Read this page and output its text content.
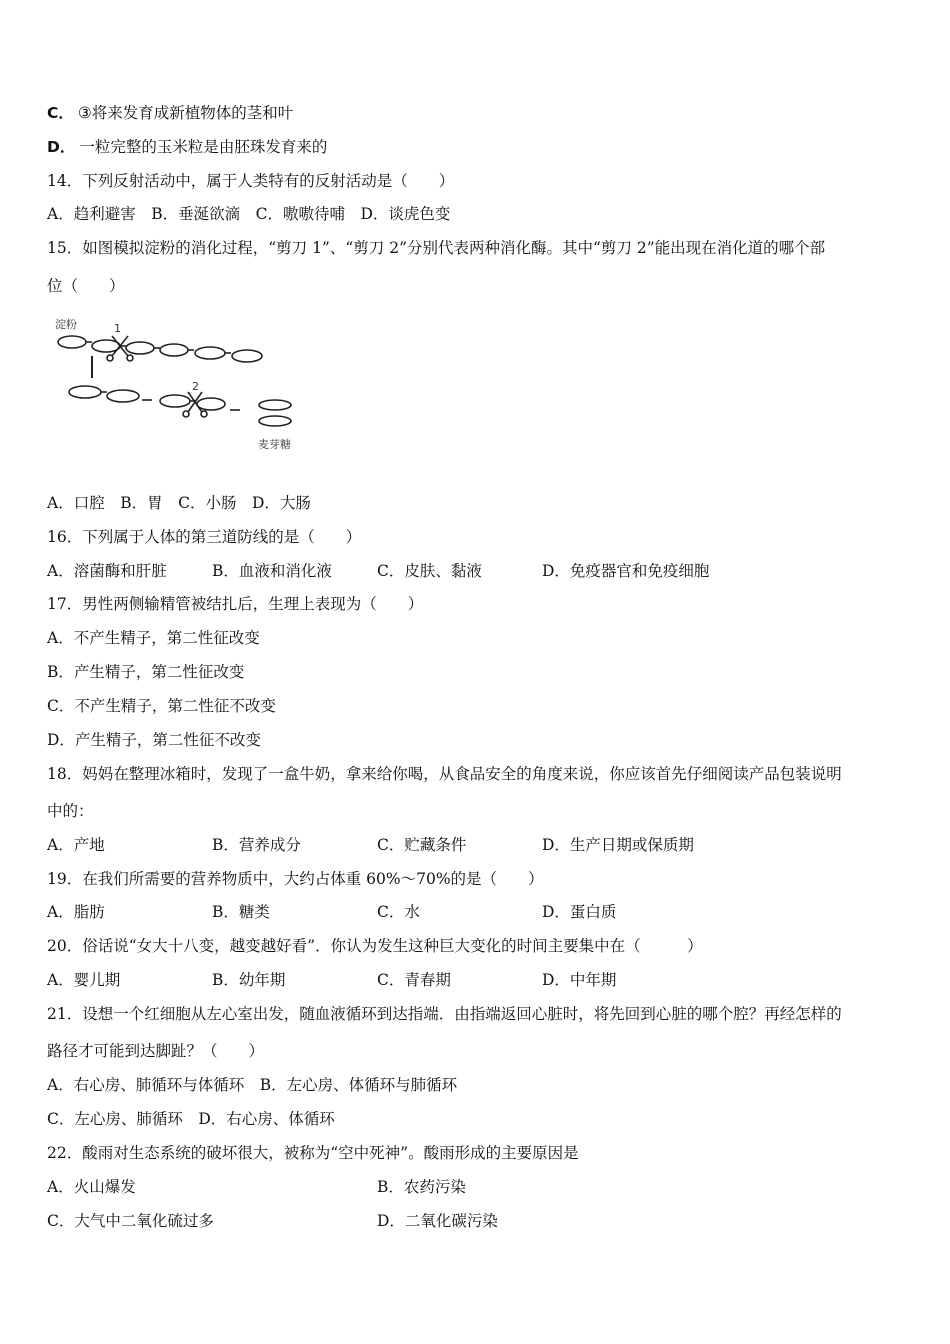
C． ③将来发育成新植物体的茎和叶
D． 一粒完整的玉米粒是由胚珠发育来的
14．下列反射活动中，属于人类特有的反射活动是（　　）
A．趋利避害　B．垂涎欲滴　C．嗷嗷待哺　D．谈虎色变
15．如图模拟淀粉的消化过程，“剪刀 1”、“剪刀 2”分别代表两种消化酶。其中“剪刀 2”能出现在消化道的哪个部
位（　　）
淀粉	1
2
麦芽糖
A．口腔　B．胃　C．小肠　D．大肠
16．下列属于人体的第三道防线的是（　　）
A．溶菌酶和肝脏	B．血液和消化液	C．皮肤、黏液	D．免疫器官和免疫细胞
17．男性两侧输精管被结扎后，生理上表现为（　　）
A．不产生精子，第二性征改变
B．产生精子，第二性征改变
C．不产生精子，第二性征不改变
D．产生精子，第二性征不改变
18．妈妈在整理冰箱时，发现了一盒牛奶，拿来给你喝，从食品安全的角度来说，你应该首先仔细阅读产品包装说明
中的：
A．产地	B．营养成分	C．贮藏条件	D．生产日期或保质期
19．在我们所需要的营养物质中，大约占体重 60%～70%的是（　　）
A．脂肪	B．糖类	C．水	D．蛋白质
20．俗话说“女大十八变，越变越好看”．你认为发生这种巨大变化的时间主要集中在（　　　）
A．婴儿期	B．幼年期	C．青春期	D．中年期
21．设想一个红细胞从左心室出发，随血液循环到达指端．由指端返回心脏时，将先回到心脏的哪个腔？再经怎样的
路径才可能到达脚趾？（　　）
A．右心房、肺循环与体循环　B．左心房、体循环与肺循环
C．左心房、肺循环　D．右心房、体循环
22．酸雨对生态系统的破坏很大，被称为“空中死神”。酸雨形成的主要原因是
A．火山爆发	B．农药污染
C．大气中二氧化硫过多	D．二氧化碳污染
